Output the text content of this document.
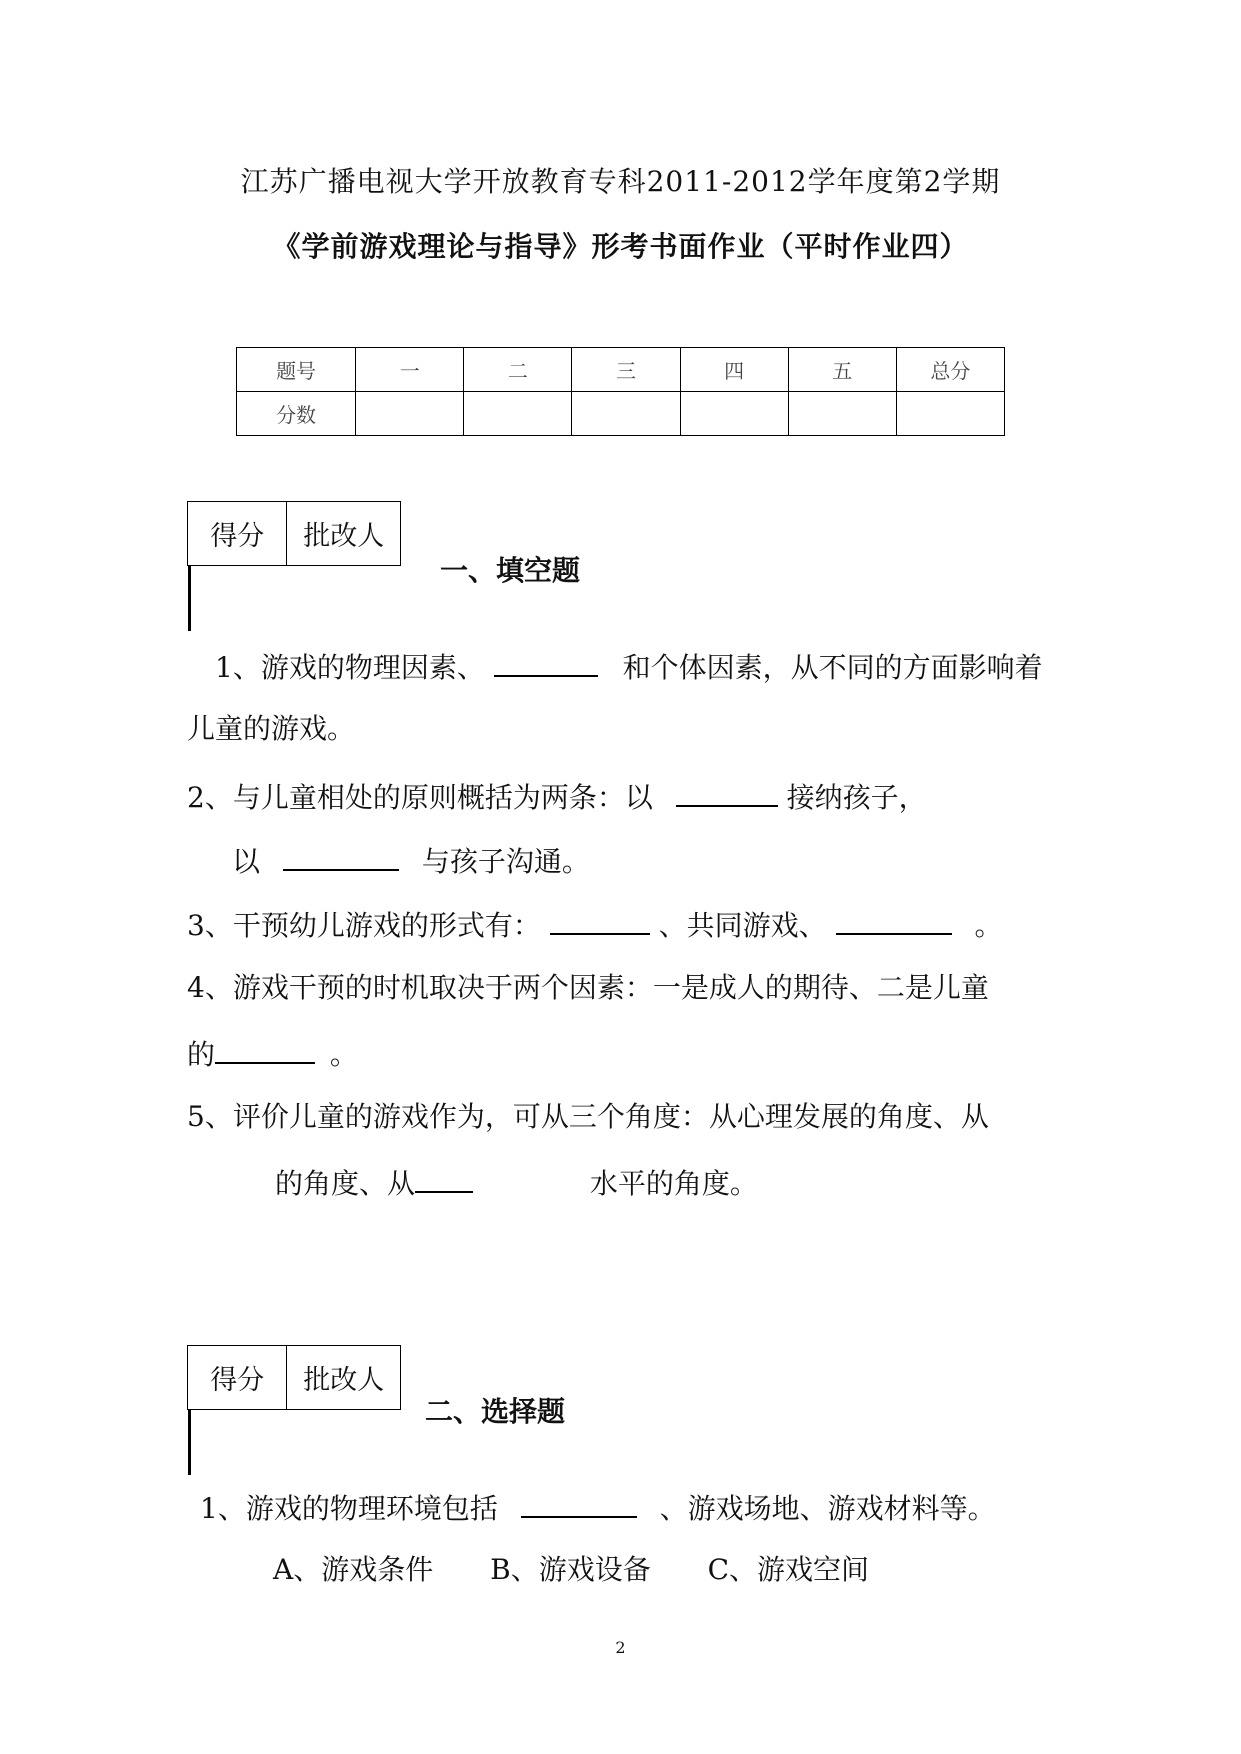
江苏广播电视大学开放教育专科2011-2012学年度第2学期
《学前游戏理论与指导》形考书面作业（平时作业四）
题号	一	二	三	四	五	总分
分数						
得分	批改人

一、填空题
1、游戏的物理因素、	和个体因素，从不同的方面影响着
儿童的游戏。
2、与儿童相处的原则概括为两条：以	接纳孩子，
以	与孩子沟通。
3、干预幼儿游戏的形式有：	、共同游戏、	。
4、游戏干预的时机取决于两个因素：一是成人的期待、二是儿童
的	。
5、评价儿童的游戏作为，可从三个角度：从心理发展的角度、从
的角度、从	水平的角度。
得分	批改人

二、选择题
1、游戏的物理环境包括	、游戏场地、游戏材料等。
A、游戏条件 B、游戏设备 C、游戏空间
2
